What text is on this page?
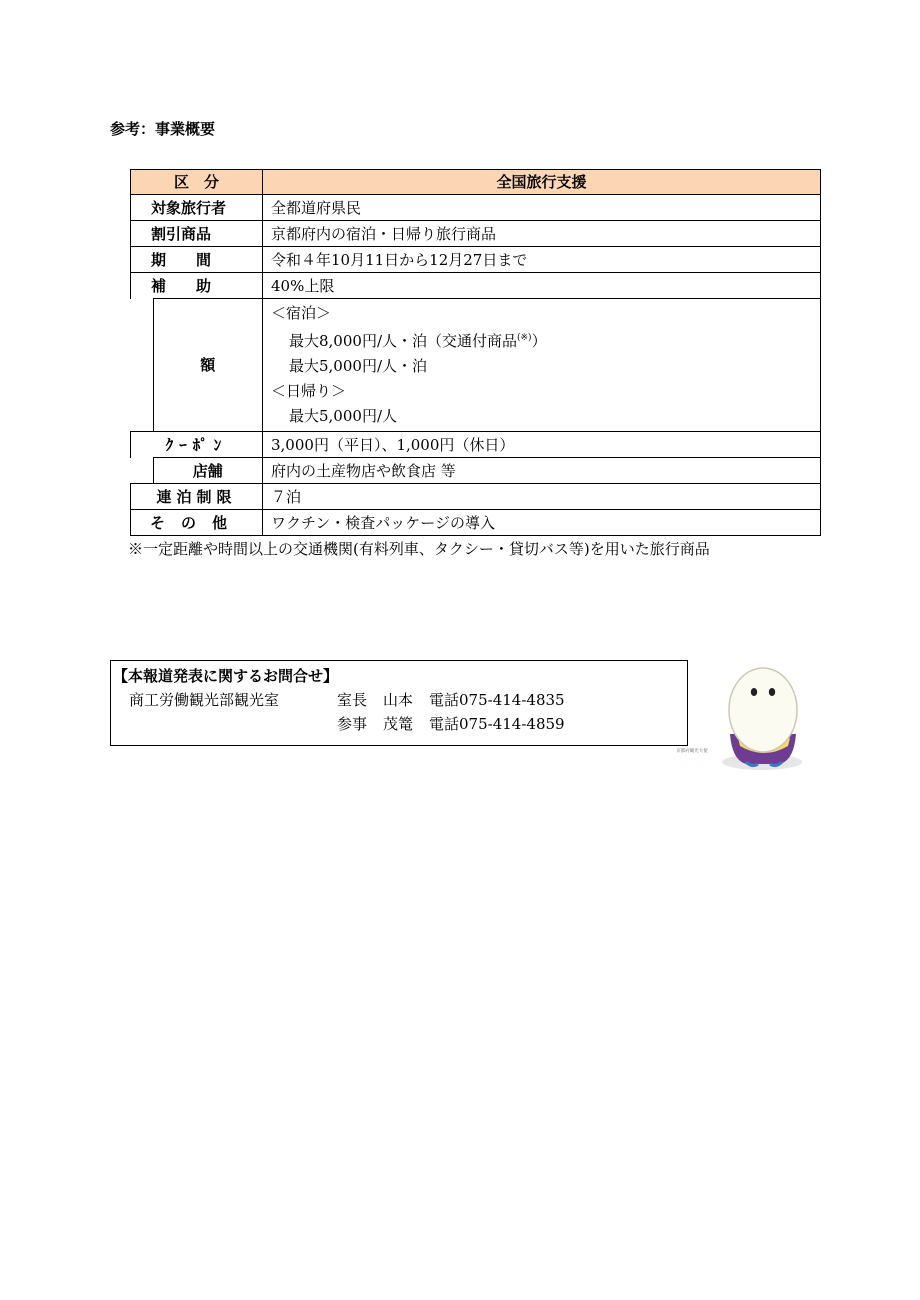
参考：事業概要
区　分		全国旅行支援

対象旅行者		全都道府県民

割引商品		京都府内の宿泊・日帰り旅行商品

期　　間		令和４年10月11日から12月27日まで

補　　助		40%上限
	額	＜宿泊＞
最大8,000円/人・泊（交通付商品(※)）
最大5,000円/人・泊
＜日帰り＞
最大5,000円/人

ｸｰﾎﾟﾝ		3,000円（平日）、1,000円（休日）
	店舗	府内の土産物店や飲食店 等
連泊制限		７泊
その他		ワクチン・検査パッケージの導入
※一定距離や時間以上の交通機関(有料列車、タクシー・貸切バス等)を用いた旅行商品
【本報道発表に関するお問合せ】
商工労働観光部観光室	室長 山本 電話075-414-4835
参事 茂篭 電話075-414-4859
京都府観光大使
まゆまろ
